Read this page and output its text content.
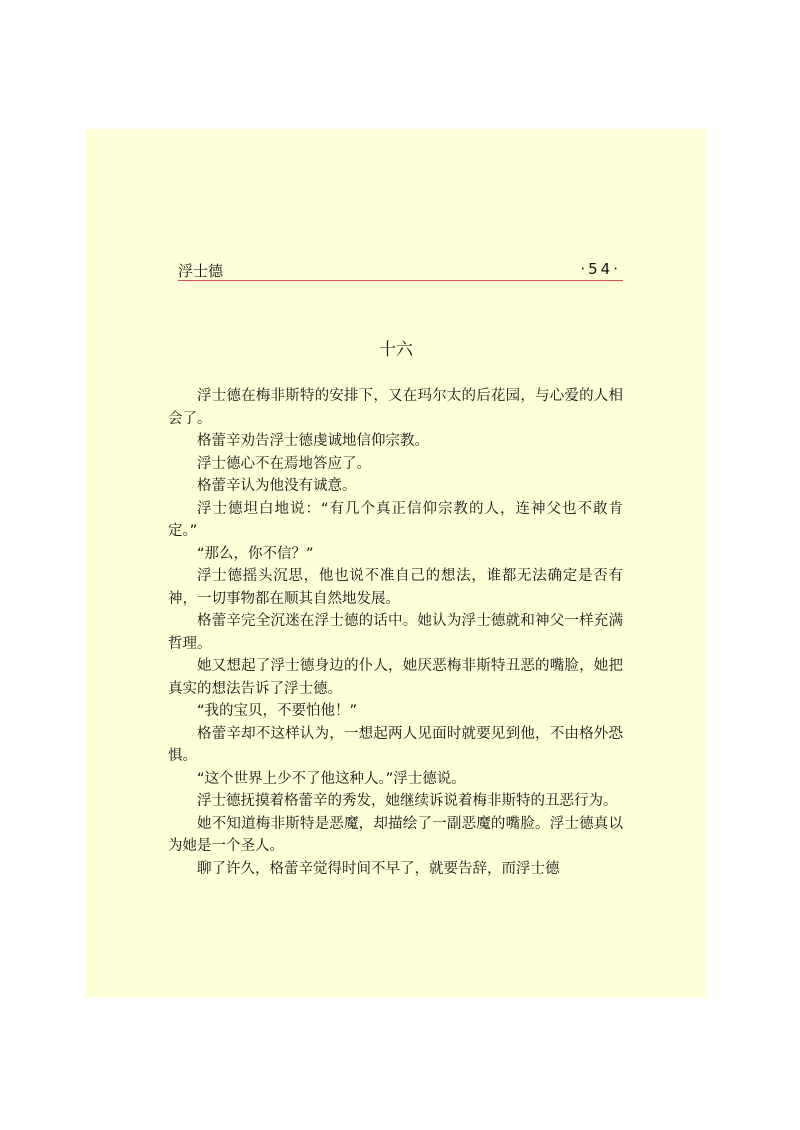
浮士德	·54·
十六

浮士德在梅非斯特的安排下，又在玛尔太的后花园，与心爱的人相会了。

格蕾辛劝告浮士德虔诚地信仰宗教。

浮士德心不在焉地答应了。

格蕾辛认为他没有诚意。

浮士德坦白地说：“有几个真正信仰宗教的人，连神父也不敢肯定。”

“那么，你不信？”

浮士德摇头沉思，他也说不准自己的想法，谁都无法确定是否有神，一切事物都在顺其自然地发展。

格蕾辛完全沉迷在浮士德的话中。她认为浮士德就和神父一样充满哲理。

她又想起了浮士德身边的仆人，她厌恶梅非斯特丑恶的嘴脸，她把真实的想法告诉了浮士德。

“我的宝贝，不要怕他！”

格蕾辛却不这样认为，一想起两人见面时就要见到他，不由格外恐惧。

“这个世界上少不了他这种人。”浮士德说。

浮士德抚摸着格蕾辛的秀发，她继续诉说着梅非斯特的丑恶行为。

她不知道梅非斯特是恶魔，却描绘了一副恶魔的嘴脸。浮士德真以为她是一个圣人。

聊了许久，格蕾辛觉得时间不早了，就要告辞，而浮士德
